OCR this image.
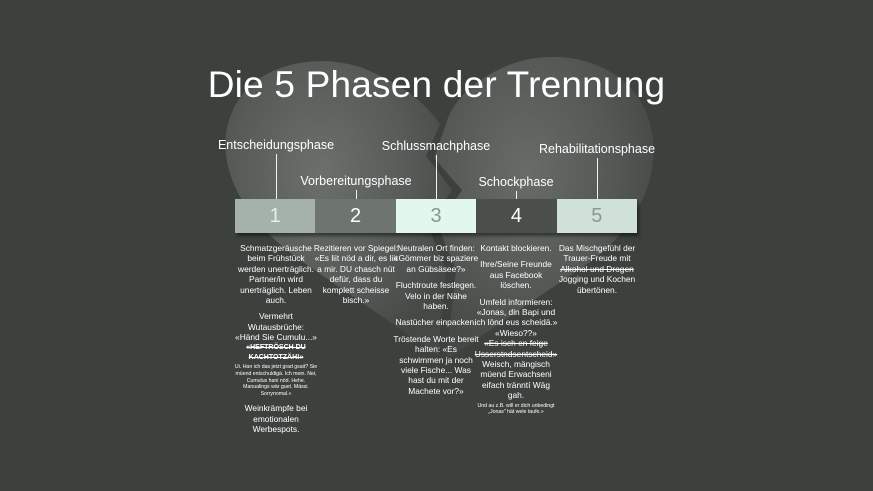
Die 5 Phasen der Trennung
Entscheidungsphase
Vorbereitungsphase
Schlussmachphase
Schockphase
Rehabilitationsphase
1	2	3	4	5

Schmatzgeräusche beim Frühstück werden unerträglich. Partner/in wird unerträglich. Leben auch.

Vermehrt Wutausbrüche:

«Händ Sie Cumulu...»

«HEFTRÖSCH DU KACHTOTZÄH!»

Ui. Han ich das jetzt grad gsait? Sie müend entschuldigä. Ich mein. Nei, Cumulus hani nöd. Hehe. Manualings wär guet. Mässi. Sorrynomal.»

Weinkrämpfe bei emotionalen Werbespots.

Rezitieren vor Spiegel: «Es liit nöd a dir, es liit a mir. DU chasch nüt defür, dass du komplett scheisse bisch.»

Neutralen Ort finden: «Gömmer biz spaziere an Gübsäsee?»

Fluchtroute festlegen. Velo in der Nähe haben.

Nastücher einpacken.

Tröstende Worte bereit halten: «Es schwimmen ja noch viele Fische... Was hast du mit der Machete vor?»

Kontakt blockieren.

Ihre/Seine Freunde aus Facebook löschen.

Umfeld informieren: «Jonas, din Bapi und ich lönd eus scheidä.» «Wieso??»

«Es isch en feige Usserstndsentscheid»

Weisch, mängisch müend Erwachseni eifach tränntí Wäg gah.

Und au z.B. will er dich unbedingt „Jonas" hät wele taufe.»

Das Mischgefühl der Trauer-Freude mit

Alkohol und Drogen

Jogging und Kochen übertönen.
